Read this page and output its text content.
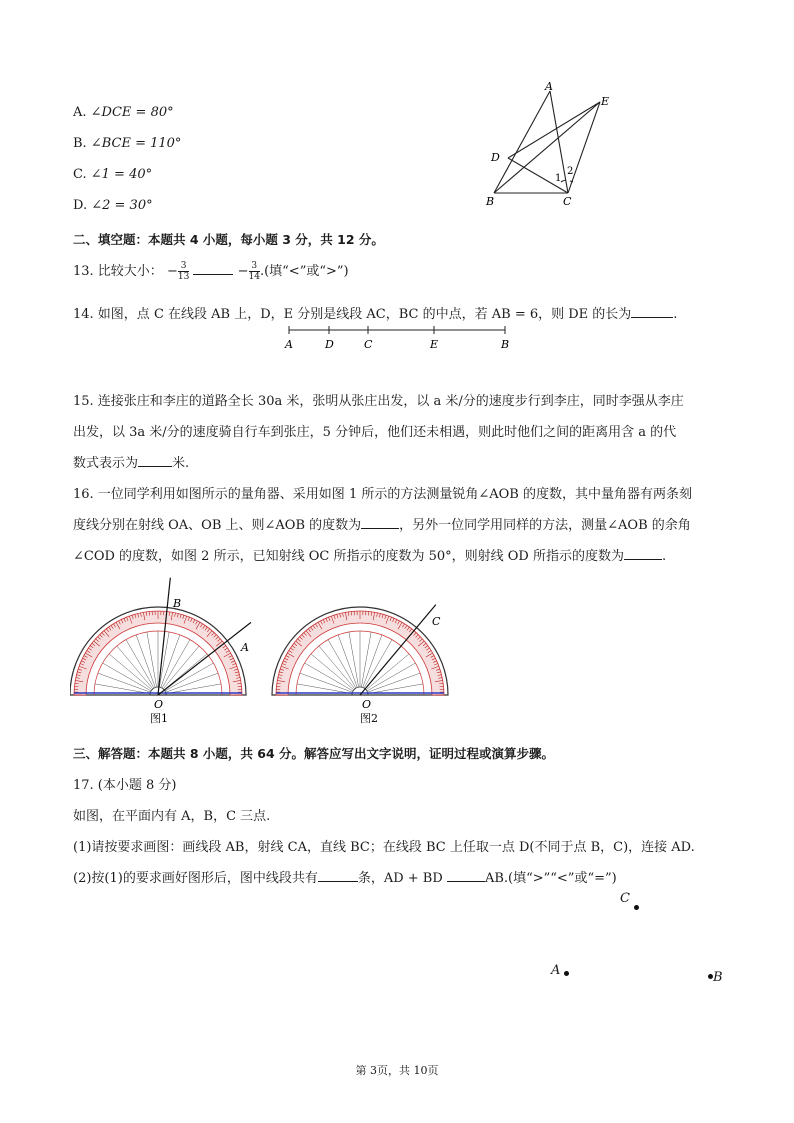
A. ∠DCE = 80°
B. ∠BCE = 110°
C. ∠1 = 40°
D. ∠2 = 30°
A
E
D
B	C
1
2
二、填空题：本题共 4 小题，每小题 3 分，共 12 分。
13. 比较大小： − $\frac{3}{13}$	− $\frac{3}{14}$ .(填“<”或“>”)
14. 如图，点 C 在线段 AB 上，D，E 分别是线段 AC，BC 的中点，若 AB = 6，则 DE 的长为	.
A	D	C	E	B
15. 连接张庄和李庄的道路全长 30a 米，张明从张庄出发，以 a 米/分的速度步行到李庄，同时李强从李庄
出发，以 3a 米/分的速度骑自行车到张庄，5 分钟后，他们还未相遇，则此时他们之间的距离用含 a 的代
数式表示为	米.
16. 一位同学利用如图所示的量角器、采用如图 1 所示的方法测量锐角∠AOB 的度数，其中量角器有两条刻
度线分别在射线 OA、OB 上、则∠AOB 的度数为	，另外一位同学用同样的方法，测量∠AOB 的余角
∠COD 的度数，如图 2 所示，已知射线 OC 所指示的度数为 50°，则射线 OD 所指示的度数为	.
图1	图2
O	O
B
A
C
三、解答题：本题共 8 小题，共 64 分。解答应写出文字说明，证明过程或演算步骤。
17. (本小题 8 分)
如图，在平面内有 A，B，C 三点.
(1)请按要求画图：画线段 AB，射线 CA，直线 BC；在线段 BC 上任取一点 D(不同于点 B，C)，连接 AD.
(2)按(1)的要求画好图形后，图中线段共有	条，AD + BD	AB.(填“>”“<”或“=”)
C
A	B
第 3页，共 10页
